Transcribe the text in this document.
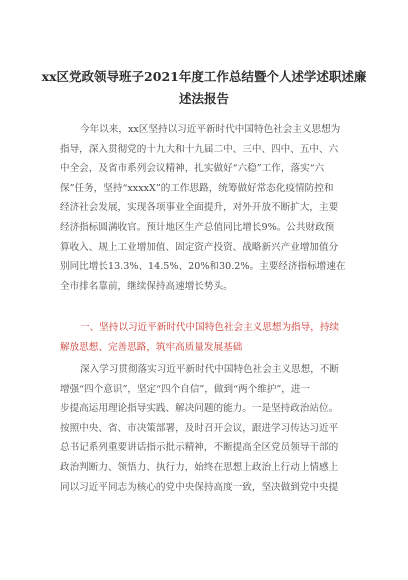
xx区党政领导班子2021年度工作总结暨个人述学述职述廉
述法报告
今年以来，xx区坚持以习近平新时代中国特色社会主义思想为
指导，深入贯彻党的十九大和十九届二中、三中、四中、五中、六
中全会，及省市系列会议精神，扎实做好“六稳”工作，落实“六
保”任务，坚持“xxxxX”的工作思路，统筹做好常态化疫情防控和
经济社会发展，实现各项事业全面提升，对外开放不断扩大，主要
经济指标圆满收官。预计地区生产总值同比增长9%。公共财政预
算收入、规上工业增加值、固定资产投资、战略新兴产业增加值分
别同比增长13.3%、14.5%、20%和30.2%。主要经济指标增速在
全市排名靠前，继续保持高速增长势头。
一、坚持以习近平新时代中国特色社会主义思想为指导，持续
解放思想、完善思路，筑牢高质量发展基础
深入学习贯彻落实习近平新时代中国特色社会主义思想，不断
增强“四个意识”，坚定“四个自信”，做到“两个维护”，进一
步提高运用理论指导实践、解决问题的能力。一是坚持政治站位。
按照中央、省、市决策部署，及时召开会议，跟进学习传达习近平
总书记系列重要讲话指示批示精神，不断提高全区党员领导干部的
政治判断力、领悟力、执行力，始终在思想上政治上行动上情感上
同以习近平同志为核心的党中央保持高度一致，坚决做到党中央提
